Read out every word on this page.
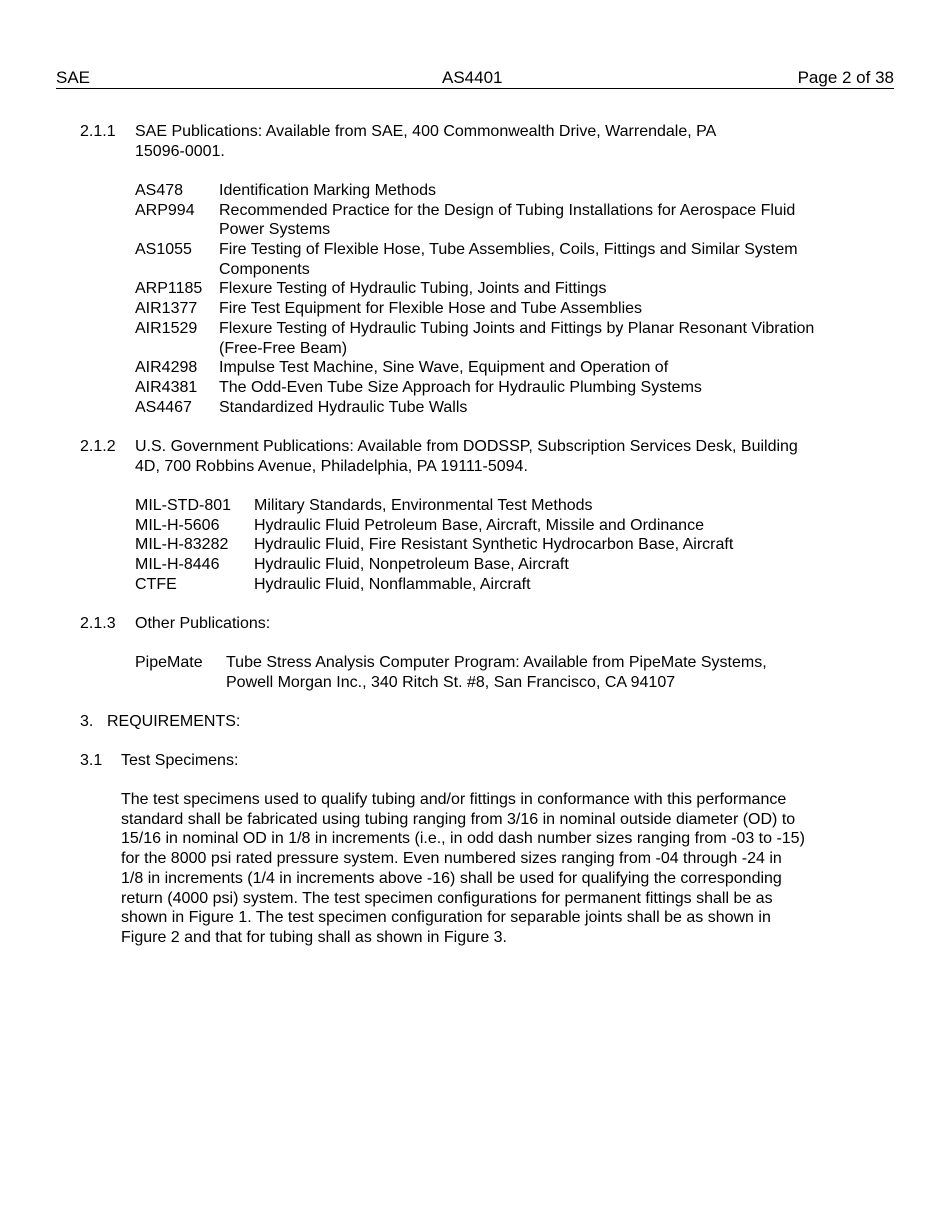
SAE	AS4401	Page 2 of 38
2.1.1 SAE Publications: Available from SAE, 400 Commonwealth Drive, Warrendale, PA
15096-0001.
AS478 Identification Marking Methods
ARP994 Recommended Practice for the Design of Tubing Installations for Aerospace Fluid
Power Systems
AS1055 Fire Testing of Flexible Hose, Tube Assemblies, Coils, Fittings and Similar System
Components
ARP1185 Flexure Testing of Hydraulic Tubing, Joints and Fittings
AIR1377 Fire Test Equipment for Flexible Hose and Tube Assemblies
AIR1529 Flexure Testing of Hydraulic Tubing Joints and Fittings by Planar Resonant Vibration
(Free-Free Beam)
AIR4298 Impulse Test Machine, Sine Wave, Equipment and Operation of
AIR4381 The Odd-Even Tube Size Approach for Hydraulic Plumbing Systems
AS4467 Standardized Hydraulic Tube Walls
2.1.2 U.S. Government Publications: Available from DODSSP, Subscription Services Desk, Building
4D, 700 Robbins Avenue, Philadelphia, PA 19111-5094.
MIL-STD-801 Military Standards, Environmental Test Methods
MIL-H-5606 Hydraulic Fluid Petroleum Base, Aircraft, Missile and Ordinance
MIL-H-83282 Hydraulic Fluid, Fire Resistant Synthetic Hydrocarbon Base, Aircraft
MIL-H-8446 Hydraulic Fluid, Nonpetroleum Base, Aircraft
CTFE	Hydraulic Fluid, Nonflammable, Aircraft
2.1.3 Other Publications:
PipeMate Tube Stress Analysis Computer Program: Available from PipeMate Systems,
Powell Morgan Inc., 340 Ritch St. #8, San Francisco, CA 94107
3. REQUIREMENTS:
3.1 Test Specimens:
The test specimens used to qualify tubing and/or fittings in conformance with this performance
standard shall be fabricated using tubing ranging from 3/16 in nominal outside diameter (OD) to
15/16 in nominal OD in 1/8 in increments (i.e., in odd dash number sizes ranging from -03 to -15)
for the 8000 psi rated pressure system. Even numbered sizes ranging from -04 through -24 in
1/8 in increments (1/4 in increments above -16) shall be used for qualifying the corresponding
return (4000 psi) system. The test specimen configurations for permanent fittings shall be as
shown in Figure 1. The test specimen configuration for separable joints shall be as shown in
Figure 2 and that for tubing shall as shown in Figure 3.
